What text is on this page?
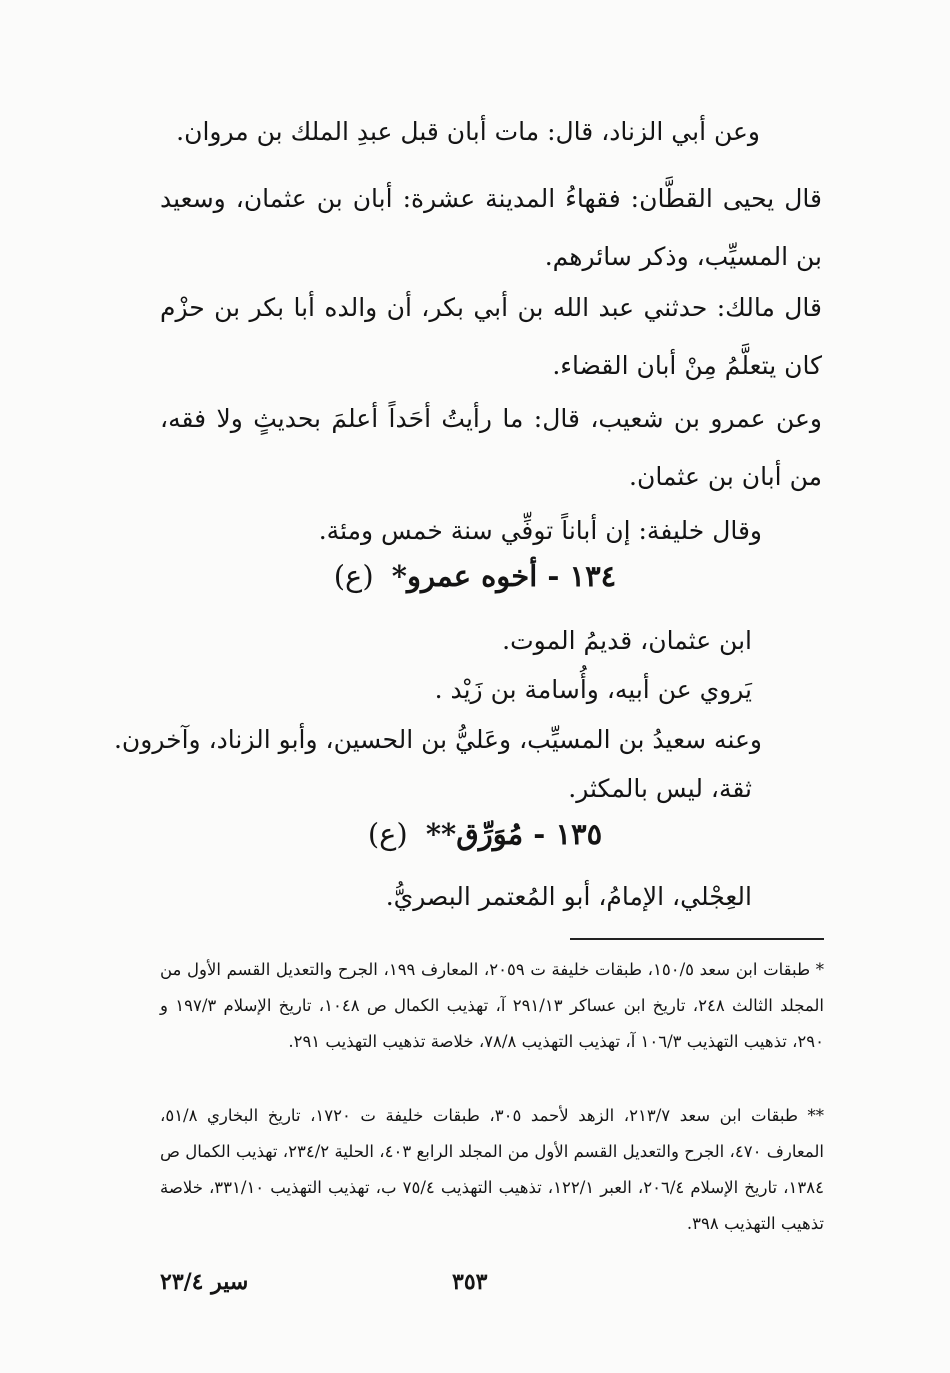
وعن أبي الزناد، قال: مات أبان قبل عبدِ الملك بن مروان.

قال يحيى القطَّان: فقهاءُ المدينة عشرة: أبان بن عثمان، وسعيد بن المسيِّب، وذكر سائرهم.

قال مالك: حدثني عبد الله بن أبي بكر، أن والده أبا بكر بن حزْم كان يتعلَّمُ مِنْ أبان القضاء.

وعن عمرو بن شعيب، قال: ما رأيتُ أحَداً أعلمَ بحديثٍ ولا فقه، من أبان بن عثمان.

وقال خليفة: إن أباناً توفِّي سنة خمس ومئة.

١٣٤ - أخوه عمرو* (ع)

ابن عثمان، قديمُ الموت.

يَروي عن أبيه، وأُسامة بن زَيْد .

وعنه سعيدُ بن المسيِّب، وعَليُّ بن الحسين، وأبو الزناد، وآخرون.

ثقة، ليس بالمكثر.

١٣٥ - مُوَرِّق** (ع)

العِجْلي، الإمامُ، أبو المُعتمر البصريُّ.

* طبقات ابن سعد ١٥٠/٥، طبقات خليفة ت ٢٠٥٩، المعارف ١٩٩، الجرح والتعديل القسم الأول من المجلد الثالث ٢٤٨، تاريخ ابن عساكر ٢٩١/١٣ آ، تهذيب الكمال ص ١٠٤٨، تاريخ الإسلام ١٩٧/٣ و ٢٩٠، تذهيب التهذيب ١٠٦/٣ آ، تهذيب التهذيب ٧٨/٨، خلاصة تذهيب التهذيب ٢٩١.

** طبقات ابن سعد ٢١٣/٧، الزهد لأحمد ٣٠٥، طبقات خليفة ت ١٧٢٠، تاريخ البخاري ٥١/٨، المعارف ٤٧٠، الجرح والتعديل القسم الأول من المجلد الرابع ٤٠٣، الحلية ٢٣٤/٢، تهذيب الكمال ص ١٣٨٤، تاريخ الإسلام ٢٠٦/٤، العبر ١٢٢/١، تذهيب التهذيب ٧٥/٤ ب، تهذيب التهذيب ٣٣١/١٠، خلاصة تذهيب التهذيب ٣٩٨.

٣٥٣
سير ٢٣/٤
